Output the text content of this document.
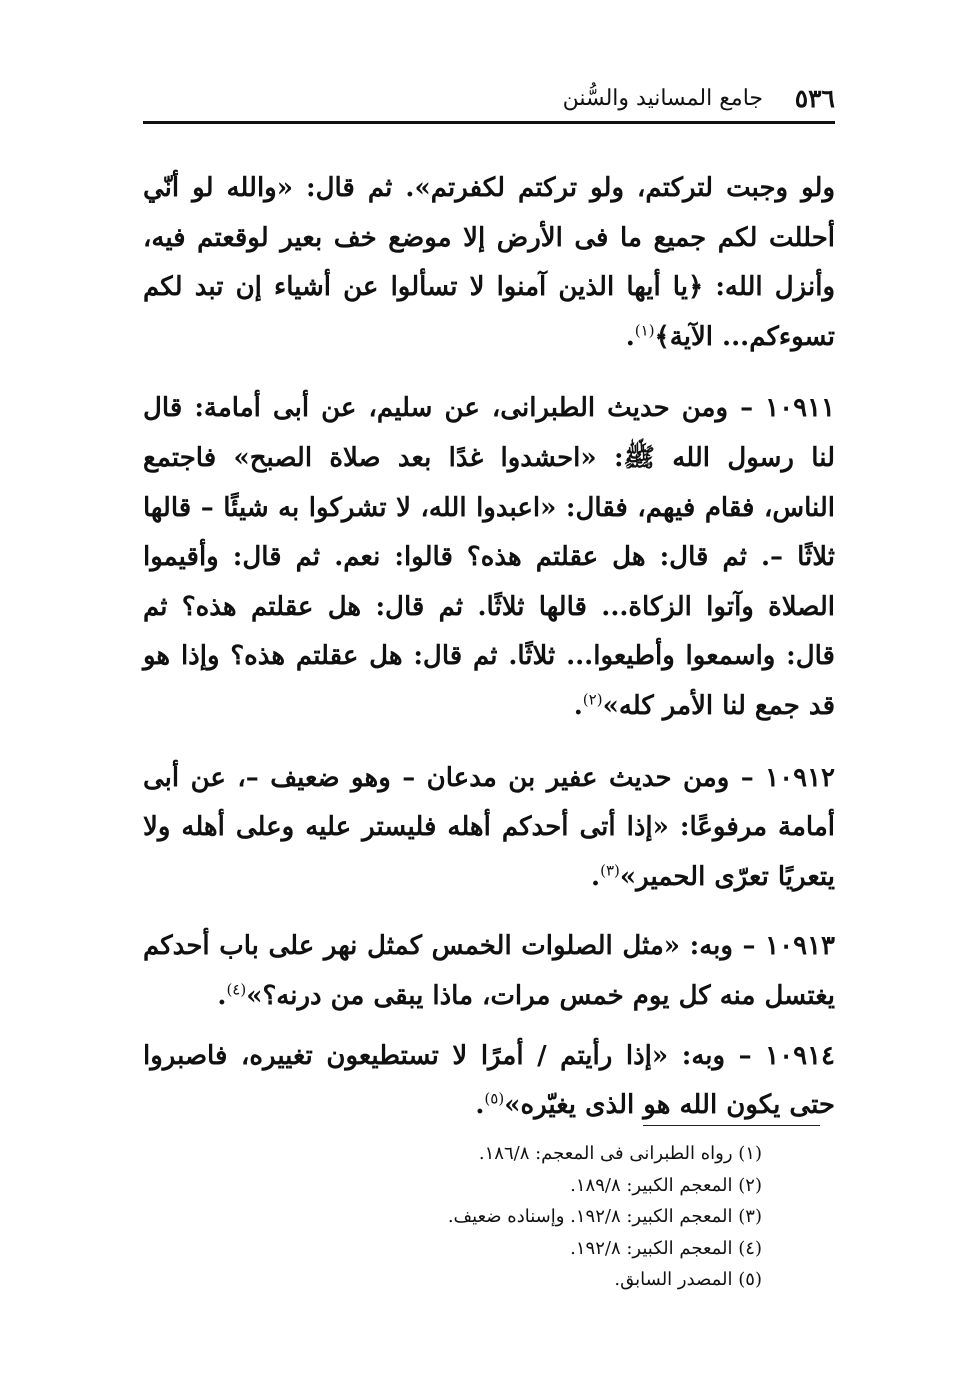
٥٣٦
جامع المسانيد والسُّنن

ولو وجبت لتركتم، ولو تركتم لكفرتم». ثم قال: «والله لو أنّي أحللت لكم جميع ما فى الأرض إلا موضع خف بعير لوقعتم فيه، وأنزل الله: ﴿يا أيها الذين آمنوا لا تسألوا عن أشياء إن تبد لكم تسوءكم... الآية﴾$^{(١)}$.

١٠٩١١ – ومن حديث الطبرانى، عن سليم، عن أبى أمامة: قال لنا رسول الله ﷺ: «احشدوا غدًا بعد صلاة الصبح» فاجتمع الناس، فقام فيهم، فقال: «اعبدوا الله، لا تشركوا به شيئًا – قالها ثلاثًا –. ثم قال: هل عقلتم هذه؟ قالوا: نعم. ثم قال: وأقيموا الصلاة وآتوا الزكاة... قالها ثلاثًا. ثم قال: هل عقلتم هذه؟ ثم قال: واسمعوا وأطيعوا... ثلاثًا. ثم قال: هل عقلتم هذه؟ وإذا هو قد جمع لنا الأمر كله»$^{(٢)}$.

١٠٩١٢ – ومن حديث عفير بن مدعان – وهو ضعيف –، عن أبى أمامة مرفوعًا: «إذا أتى أحدكم أهله فليستر عليه وعلى أهله ولا يتعريًا تعرّى الحمير»$^{(٣)}$.

١٠٩١٣ – وبه: «مثل الصلوات الخمس كمثل نهر على باب أحدكم يغتسل منه كل يوم خمس مرات، ماذا يبقى من درنه؟»$^{(٤)}$.

١٠٩١٤ – وبه: «إذا رأيتم / أمرًا لا تستطيعون تغييره، فاصبروا حتى يكون الله هو الذى يغيّره»$^{(٥)}$.

(١) رواه الطبرانى فى المعجم: ١٨٦/٨.

(٢) المعجم الكبير: ١٨٩/٨.

(٣) المعجم الكبير: ١٩٢/٨. وإسناده ضعيف.

(٤) المعجم الكبير: ١٩٢/٨.

(٥) المصدر السابق.
